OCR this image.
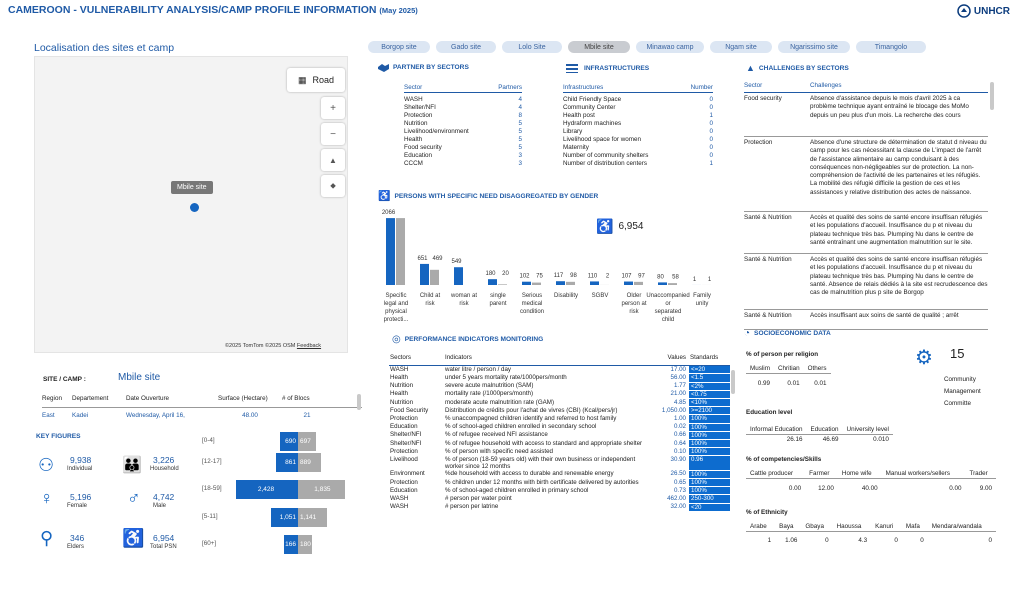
CAMEROON - VULNERABILITY ANALYSIS/CAMP PROFILE INFORMATION (May 2025)	UNHCR
Localisation des sites et camp	Borgop site	Gado site	Lolo Site	Mbile site	Minawao camp	Ngam site	Ngarissimo site	Timangolo
▦ Road
+
−
▲
⬥
Mbile site
©2025 TomTom ©2025 OSM Feedback
SITE / CAMP :	Mbile site
Region	Departement	Date Ouverture	Surface (Hectare)	# of Blocs
East	Kadei	Wednesday, April 16,	48.00	21
KEY FIGURES
⚇ 9,938
Individual 👪 3,226
Household
♀ 5,196
Female ♂ 4,742
Male
⚲ 346
Elders ♿ 6,954
Total PSN
[0-4]	690 697
[12-17]	861 889
[18-59]	2,428	1,835
[5-11]	1,051 1,141
[60+]	166 180
PARTNER BY SECTORS
Sector	Partners
WASH	4
Shelter/NFI	4
Protection	8
Nutrition	5
Livelihood/environment	5
Health	5
Food security	5
Education	3
CCCM	3
INFRASTRUCTURES
Infrastructures	Number
Child Friendly Space	0
Community Center	0
Health post	1
Hydraform machines	0
Library	0
Livelihood space for women	0
Maternity	0
Number of community shelters	0
Number of distribution centers	1
▲ CHALLENGES BY SECTORS
Sector	Challenges
Food security	Absence d'assistance depuis le mois d'avril 2025 à ca problème technique ayant entraîné le blocage des MoMo depuis un peu plus d'un mois. La recherche des cours
Protection	Absence d'une structure de détermination de statut d niveau du camp pour les cas nécessitant la clause de L'impact de l'arrêt de l'assistance alimentaire au camp conduisant à des conséquences non-négligeables sur de protection. La non-compréhension de l'activité de les partenaires et les réfugiés. La mobilité des réfugié difficile la gestion de ces et les assistances y relative distribution des actes de naissance.
Santé & Nutrition	Accès et qualité des soins de santé encore insuffisan réfugiés et les populations d'accueil. Insuffisance du p et niveau du plateau technique très bas. Plumping Nu dans le centre de santé entraînant une augmentation malnutrition sur le site.
Santé & Nutrition	Accès et qualité des soins de santé encore insuffisan réfugiés et les populations d'accueil. Insuffisance du p et niveau du plateau technique très bas. Plumping Nu dans le centre de santé. Absence de relais dédiés à la site est recrudescence des cas de malnutrition plus p site de Borgop
Santé & Nutrition	Accès insuffisant aux soins de santé de qualité ; arrêt
♿ PERSONS WITH SPECIFIC NEED DISAGGREGATED BY GENDER
♿ 6,954
2066
Specific legal and physical protecti...
651 469
Child at risk
549
woman at risk
180 20
single parent
102 75
Serious medical condition
117 98
Disability
110 2
SGBV
107 97
Older person at risk
80 58
Unaccompanied or separated child
1 1
Family unity
◎ PERFORMANCE INDICATORS MONITORING
Sectors	Indicators	Values	Standards
WASH	water litre / person / day	17.00	<=20
Health	under 5 years mortality rate/1000pers/month	56.00	<1.5
Nutrition	severe acute malnutrition (SAM)	1.77	<2%
Health	mortality rate (/1000pers/month)	21.00	<0.75
Nutrition	moderate acute malnutrition rate (GAM)	4.85	<10%
Food Security	Distribution de crédits pour l'achat de vivres (CBI) (Kcal/pers/jr)	1,050.00	>=2100
Protection	% unaccompagned children identify and referred to host family	1.00	100%
Education	% of school-aged children enrolled in secondary school	0.02	100%
Shelter/NFI	% of refugee received NFI assistance	0.66	100%
Shelter/NFI	% of refugee household with access to standard and appropriate shelter	0.64	100%
Protection	% of person with specific need assisted	0.10	100%
Livelihood	% of person (18-59 years old) with their own business or independent worker since 12 months	30.90	0.96
Environment	%de household with access to durable and renewable energy	26.50	100%
Protection	% children under 12 months with birth certificate delivered by autorities	0.65	100%
Education	% of school-aged children enrolled in primary school	0.73	100%
WASH	# person per water point	462.00	250-300
WASH	# person per latrine	32.00	<20
◔ SOCIOECONOMIC DATA
⚙ 15
Community Management Committe
% of person per religion
Muslim	Chritian	Others
0.99	0.01	0.01
Education level
Informal Education	Education	University level
26.16	46.69	0.010
% of competencies/Skills
Cattle producer	Farmer	Home wife	Manual workers/sellers	Trader
0.00	12.00	40.00	0.00	9.00
% of Ethnicity
Arabe	Baya	Gbaya	Haoussa	Kanuri	Mafa	Mendara/wandala
1	1.06	0	4.3	0	0	0
